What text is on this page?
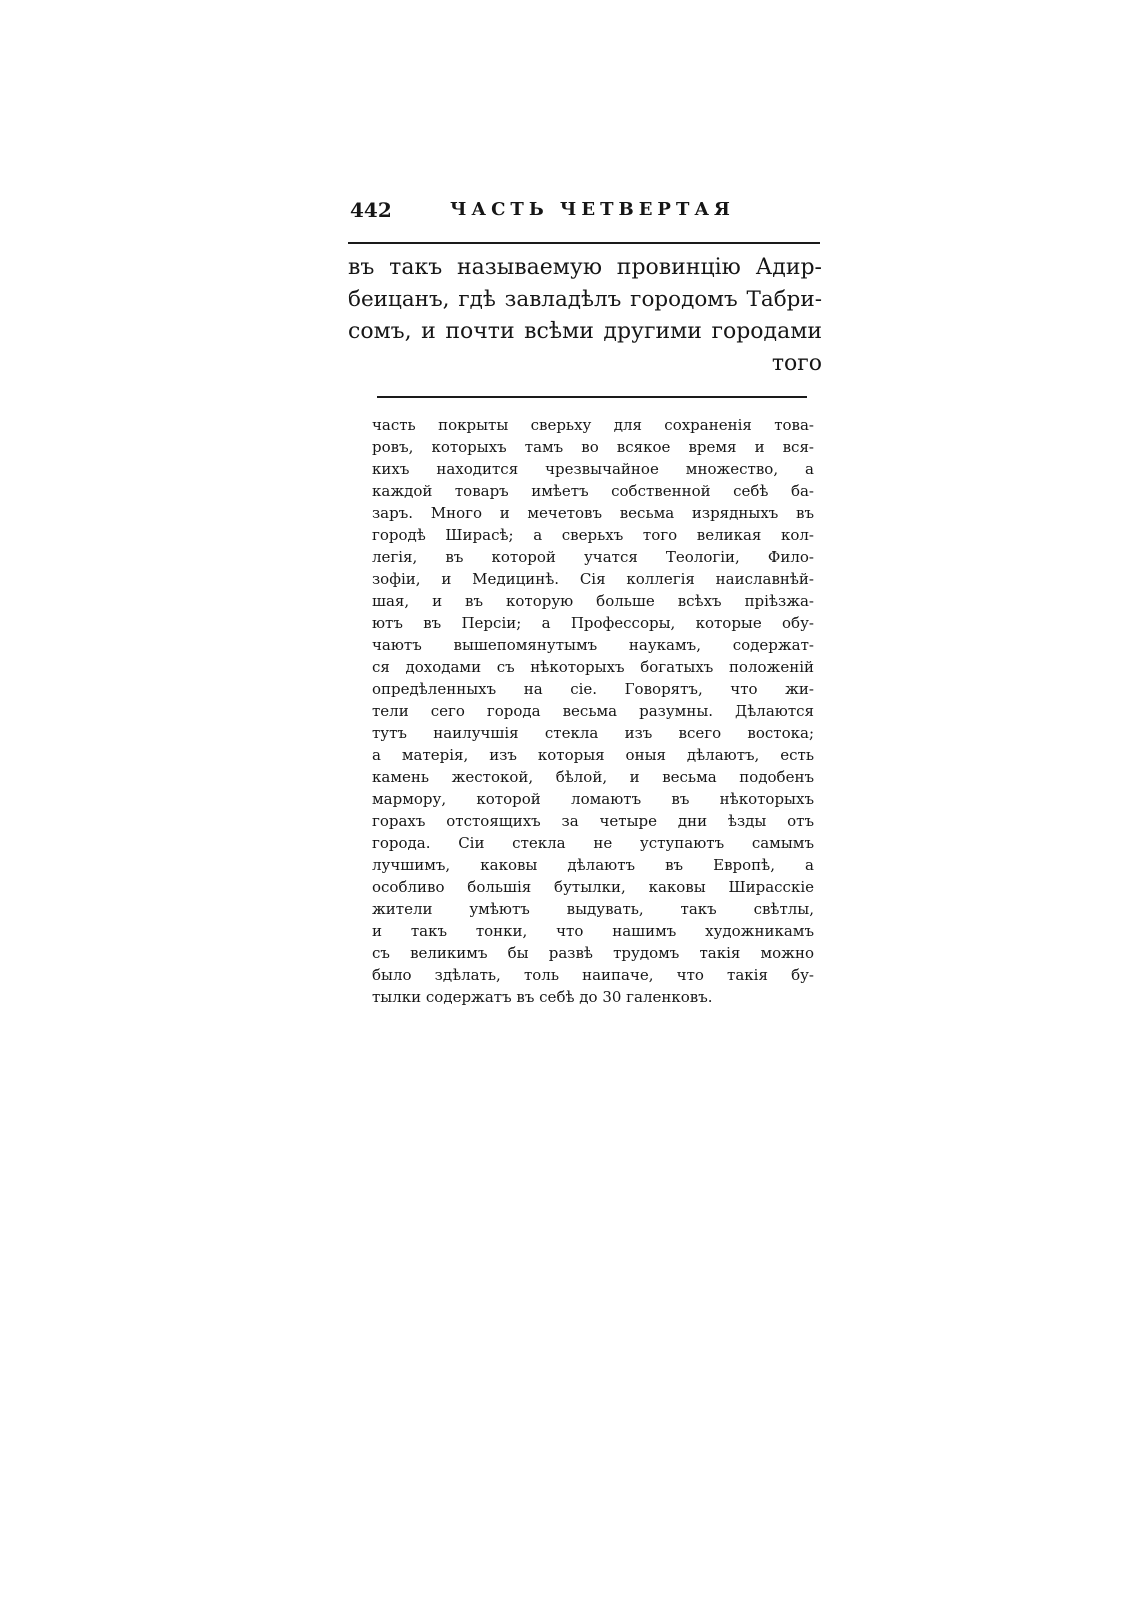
442	ЧАСТЬ ЧЕТВЕРТАЯ
въ такъ называемую провинцію Адир-
беицанъ, гдѣ завладѣлъ городомъ Табри-
сомъ, и почти всѣми другими городами
того
часть покрыты сверьху для сохраненія това-
ровъ, которыхъ тамъ во всякое время и вся-
кихъ находится чрезвычайное множество, а
каждой товаръ имѣетъ собственной себѣ ба-
заръ. Много и мечетовъ весьма изрядныхъ въ
городѣ Ширасѣ; а сверьхъ того великая кол-
легія, въ которой учатся Теологіи, Фило-
зофіи, и Медицинѣ. Сія коллегія наиславнѣй-
шая, и въ которую больше всѣхъ пріѣзжа-
ютъ въ Персіи; а Профессоры, которые обу-
чаютъ вышепомянутымъ наукамъ, содержат-
ся доходами съ нѣкоторыхъ богатыхъ положеній
опредѣленныхъ на сіе. Говорятъ, что жи-
тели сего города весьма разумны. Дѣлаются
тутъ наилучшія стекла изъ всего востока;
а матерія, изъ которыя оныя дѣлаютъ, есть
камень жестокой, бѣлой, и весьма подобенъ
мармору, которой ломаютъ въ нѣкоторыхъ
горахъ отстоящихъ за четыре дни ѣзды отъ
города. Сіи стекла не уступаютъ самымъ
лучшимъ, каковы дѣлаютъ въ Европѣ, а
особливо большія бутылки, каковы Ширасскіе
жители умѣютъ выдувать, такъ свѣтлы,
и такъ тонки, что нашимъ художникамъ
съ великимъ бы развѣ трудомъ такія можно
было здѣлать, толь наипаче, что такія бу-
тылки содержатъ въ себѣ до 30 галенковъ.
